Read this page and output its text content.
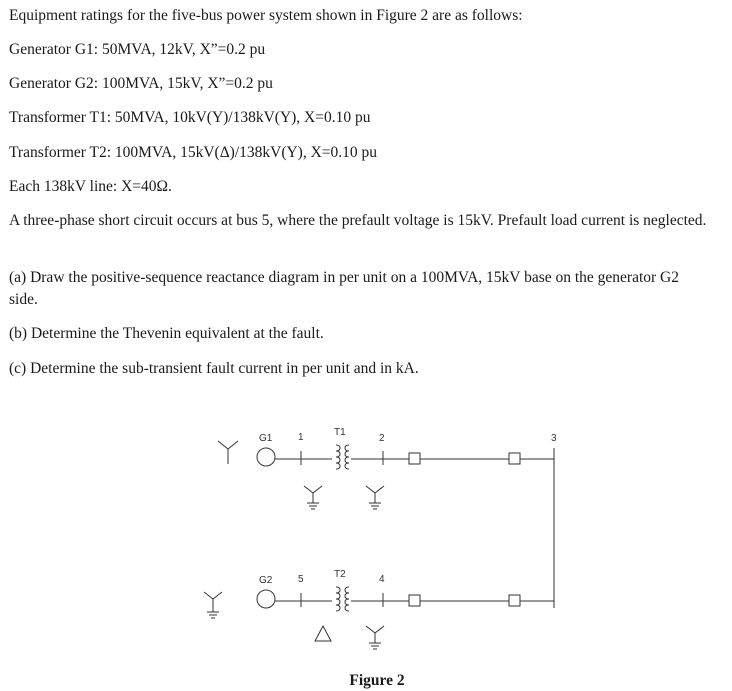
Equipment ratings for the five-bus power system shown in Figure 2 are as follows:
Generator G1: 50MVA, 12kV, X”=0.2 pu
Generator G2: 100MVA, 15kV, X”=0.2 pu
Transformer T1: 50MVA, 10kV(Y)/138kV(Y), X=0.10 pu
Transformer T2: 100MVA, 15kV(Δ)/138kV(Y), X=0.10 pu
Each 138kV line: X=40Ω.
A three-phase short circuit occurs at bus 5, where the prefault voltage is 15kV. Prefault load current is neglected.
(a) Draw the positive-sequence reactance diagram in per unit on a 100MVA, 15kV base on the generator G2 side.
(b) Determine the Thevenin equivalent at the fault.
(c) Determine the sub-transient fault current in per unit and in kA.
G1	1	T1
2	3
G2	5	T2	4
Figure 2
